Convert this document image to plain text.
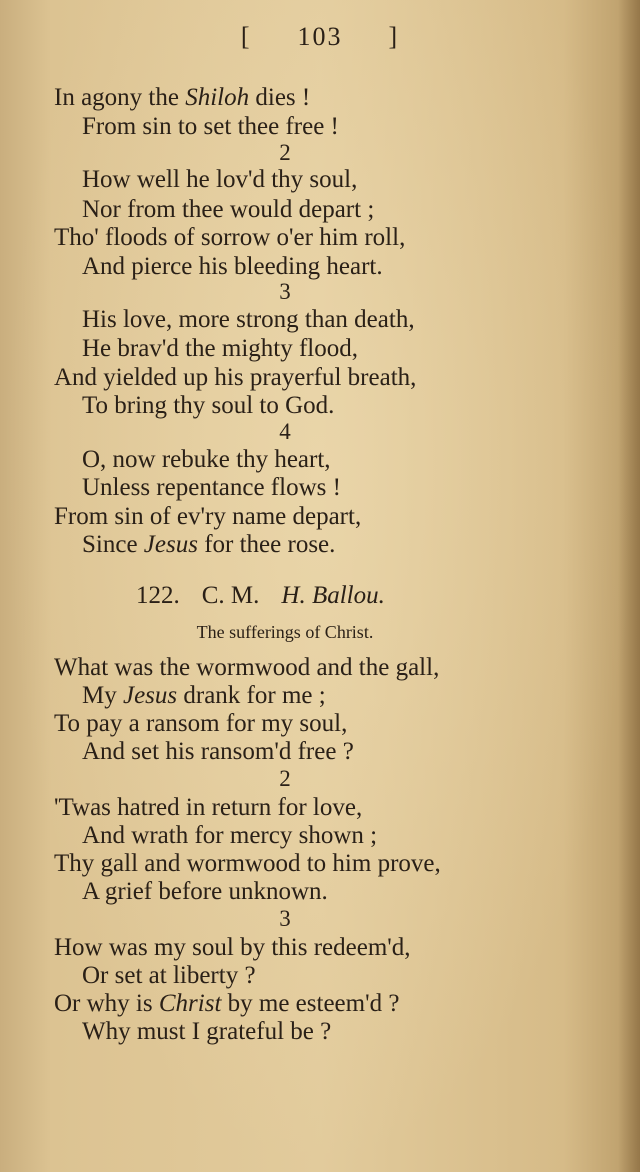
[ 103 ]
In agony the Shiloh dies !
From sin to set thee free !
2
How well he lov'd thy soul,
Nor from thee would depart ;
Tho' floods of sorrow o'er him roll,
And pierce his bleeding heart.
3
His love, more strong than death,
He brav'd the mighty flood,
And yielded up his prayerful breath,
To bring thy soul to God.
4
O, now rebuke thy heart,
Unless repentance flows !
From sin of ev'ry name depart,
Since Jesus for thee rose.
122. C. M. H. Ballou.
The sufferings of Christ.
What was the wormwood and the gall,
My Jesus drank for me ;
To pay a ransom for my soul,
And set his ransom'd free ?
2
'Twas hatred in return for love,
And wrath for mercy shown ;
Thy gall and wormwood to him prove,
A grief before unknown.
3
How was my soul by this redeem'd,
Or set at liberty ?
Or why is Christ by me esteem'd ?
Why must I grateful be ?
